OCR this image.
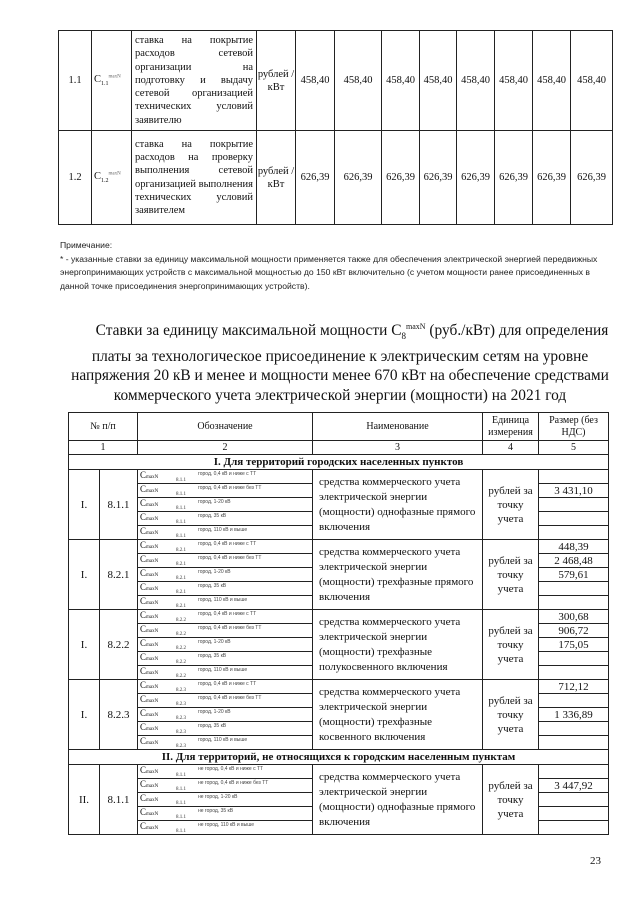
1.1	$C_{1.1}^{maxN}$	ставка на покрытие расходов сетевой организации на подготовку и выдачу сетевой организацией технических условий заявителю	рублей /кВт	458,40	458,40	458,40	458,40	458,40	458,40	458,40	458,40
1.2	$C_{1.2}^{maxN}$	ставка на покрытие расходов на проверку выполнения сетевой организацией выполнения технических условий заявителем	рублей /кВт	626,39	626,39	626,39	626,39	626,39	626,39	626,39	626,39
Примечание:
* - указанные ставки за единицу максимальной мощности применяется также для обеспечения электрической энергией передвижных энергопринимающих устройств с максимальной мощностью до 150 кВт включительно (с учетом мощности ранее присоединенных в данной точке присоединения энергопринимающих устройств).
Ставки за единицу максимальной мощности $С_8^{maxN}$ (руб./кВт) для определения
платы за технологическое присоединение к электрическим сетям на уровне напряжения 20 кВ и менее и мощности менее 670 кВт на обеспечение средствами коммерческого учета электрической энергии (мощности) на 2021 год
№ п/п		Обозначение	Наименование	Единица измерения	Размер (без НДС)
1		2	3	4	5
I. Для территорий городских населенных пунктов					
I.	8.1.1	$CmaxN8.1.1^{город, 0,4 кВ и ниже с ТТ}$	средства коммерческого учета электрической энергии (мощности) однофазные прямого включения	рублей за точку учета	
		$CmaxN8.1.1^{город, 0,4 кВ и ниже без ТТ}$			3 431,10
		$CmaxN8.1.1^{город, 1-20 кВ}$	
		$CmaxN8.1.1^{город, 35 кВ}$	
		$CmaxN8.1.1^{город, 110 кВ и выше}$	
I.	8.2.1	$CmaxN8.2.1^{город, 0,4 кВ и ниже с ТТ}$	средства коммерческого учета электрической энергии (мощности) трехфазные прямого включения	рублей за точку учета	448,39
		$CmaxN8.2.1^{город, 0,4 кВ и ниже без ТТ}$			2 468,48
		$CmaxN8.2.1^{город, 1-20 кВ}$			579,61
		$CmaxN8.2.1^{город, 35 кВ}$	
		$CmaxN8.2.1^{город, 110 кВ и выше}$	
I.	8.2.2	$CmaxN8.2.2^{город, 0,4 кВ и ниже с ТТ}$	средства коммерческого учета электрической энергии (мощности) трехфазные полукосвенного включения	рублей за точку учета	300,68
		$CmaxN8.2.2^{город, 0,4 кВ и ниже без ТТ}$			906,72
		$CmaxN8.2.2^{город, 1-20 кВ}$			175,05
		$CmaxN8.2.2^{город, 35 кВ}$	
		$CmaxN8.2.2^{город, 110 кВ и выше}$	
I.	8.2.3	$CmaxN8.2.3^{город, 0,4 кВ и ниже с ТТ}$	средства коммерческого учета электрической энергии (мощности) трехфазные косвенного включения	рублей за точку учета	712,12
		$CmaxN8.2.3^{город, 0,4 кВ и ниже без ТТ}$	
		$CmaxN8.2.3^{город, 1-20 кВ}$			1 336,89
		$CmaxN8.2.3^{город, 35 кВ}$	
		$CmaxN8.2.3^{город, 110 кВ и выше}$	
II. Для территорий, не относящихся к городским населенным пунктам					
II.	8.1.1	$CmaxN8.1.1^{не город, 0,4 кВ и ниже с ТТ}$	средства коммерческого учета электрической энергии (мощности) однофазные прямого включения	рублей за точку учета	
		$CmaxN8.1.1^{не город, 0,4 кВ и ниже без ТТ}$			3 447,92
		$CmaxN8.1.1^{не город, 1-20 кВ}$	
		$CmaxN8.1.1^{не город, 35 кВ}$	
		$CmaxN8.1.1^{не город, 110 кВ и выше}$	
23
